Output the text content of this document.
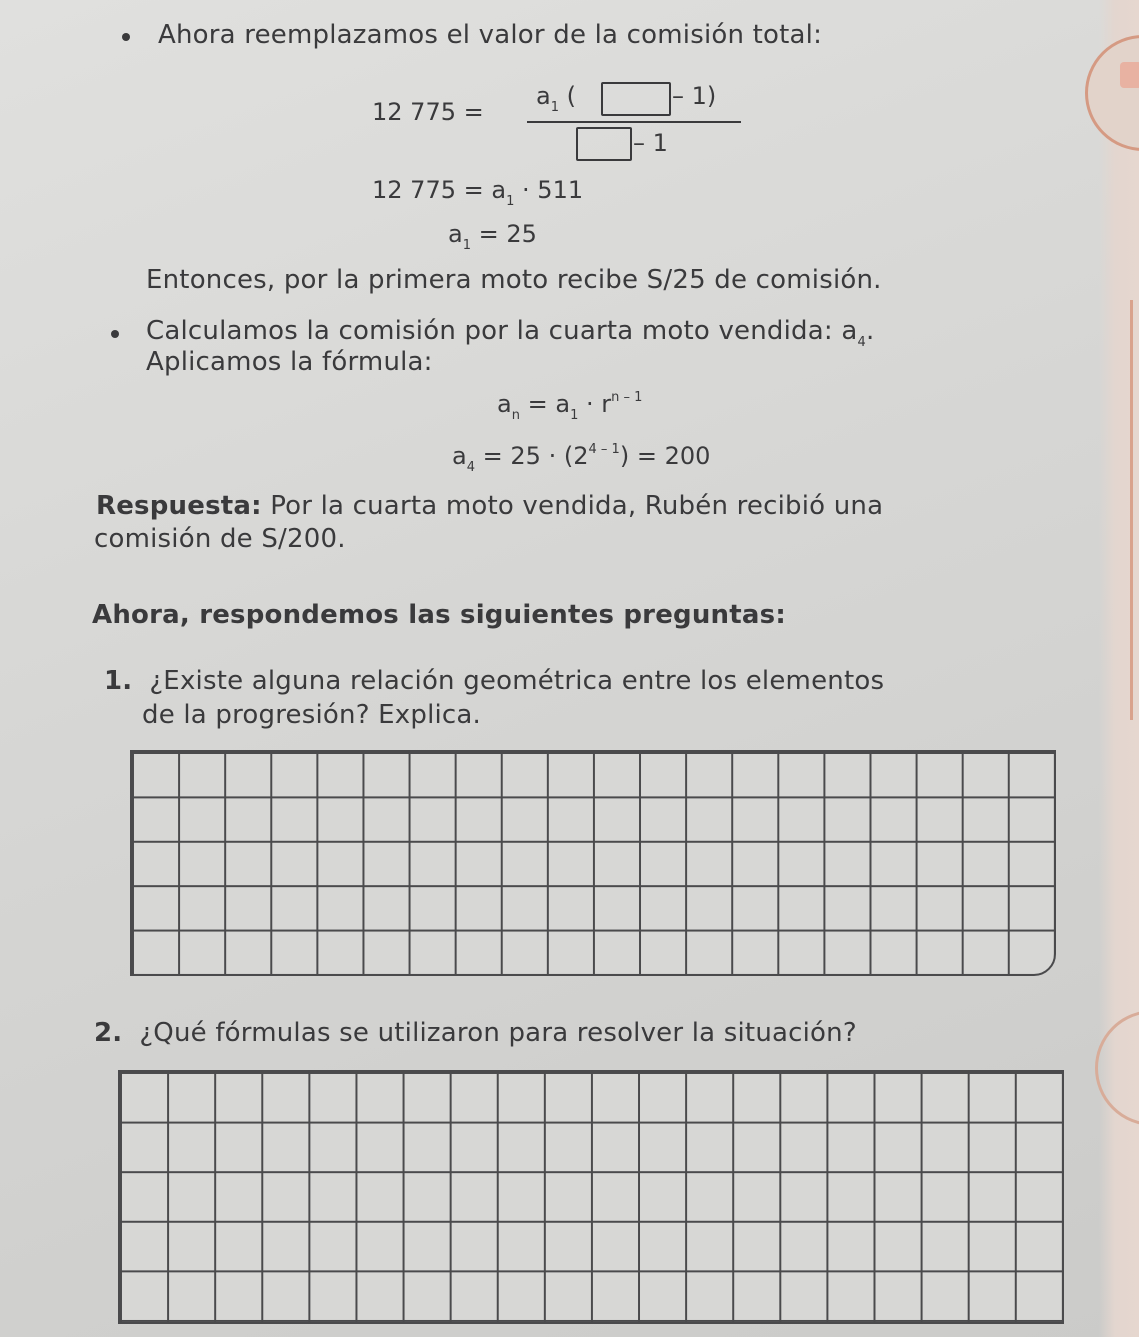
Ahora reemplazamos el valor de la comisión total:
12 775 =
$a_1$ (	– 1)
– 1
12 $775 = a_1 \cdot 511$
$a_1 = 25$
Entonces, por la primera moto recibe S/25 de comisión.
Calculamos la comisión por la cuarta moto vendida: $a_4$.
Aplicamos la fórmula:
$a_n = a_1 \cdot r^{n - 1}$
$a_4 = 25 \cdot (2^{4 - 1}) = 200$
Respuesta: Por la cuarta moto vendida, Rubén recibió una
comisión de S/200.
Ahora, respondemos las siguientes preguntas:
1. ¿Existe alguna relación geométrica entre los elementos
de la progresión? Explica.
2. ¿Qué fórmulas se utilizaron para resolver la situación?
